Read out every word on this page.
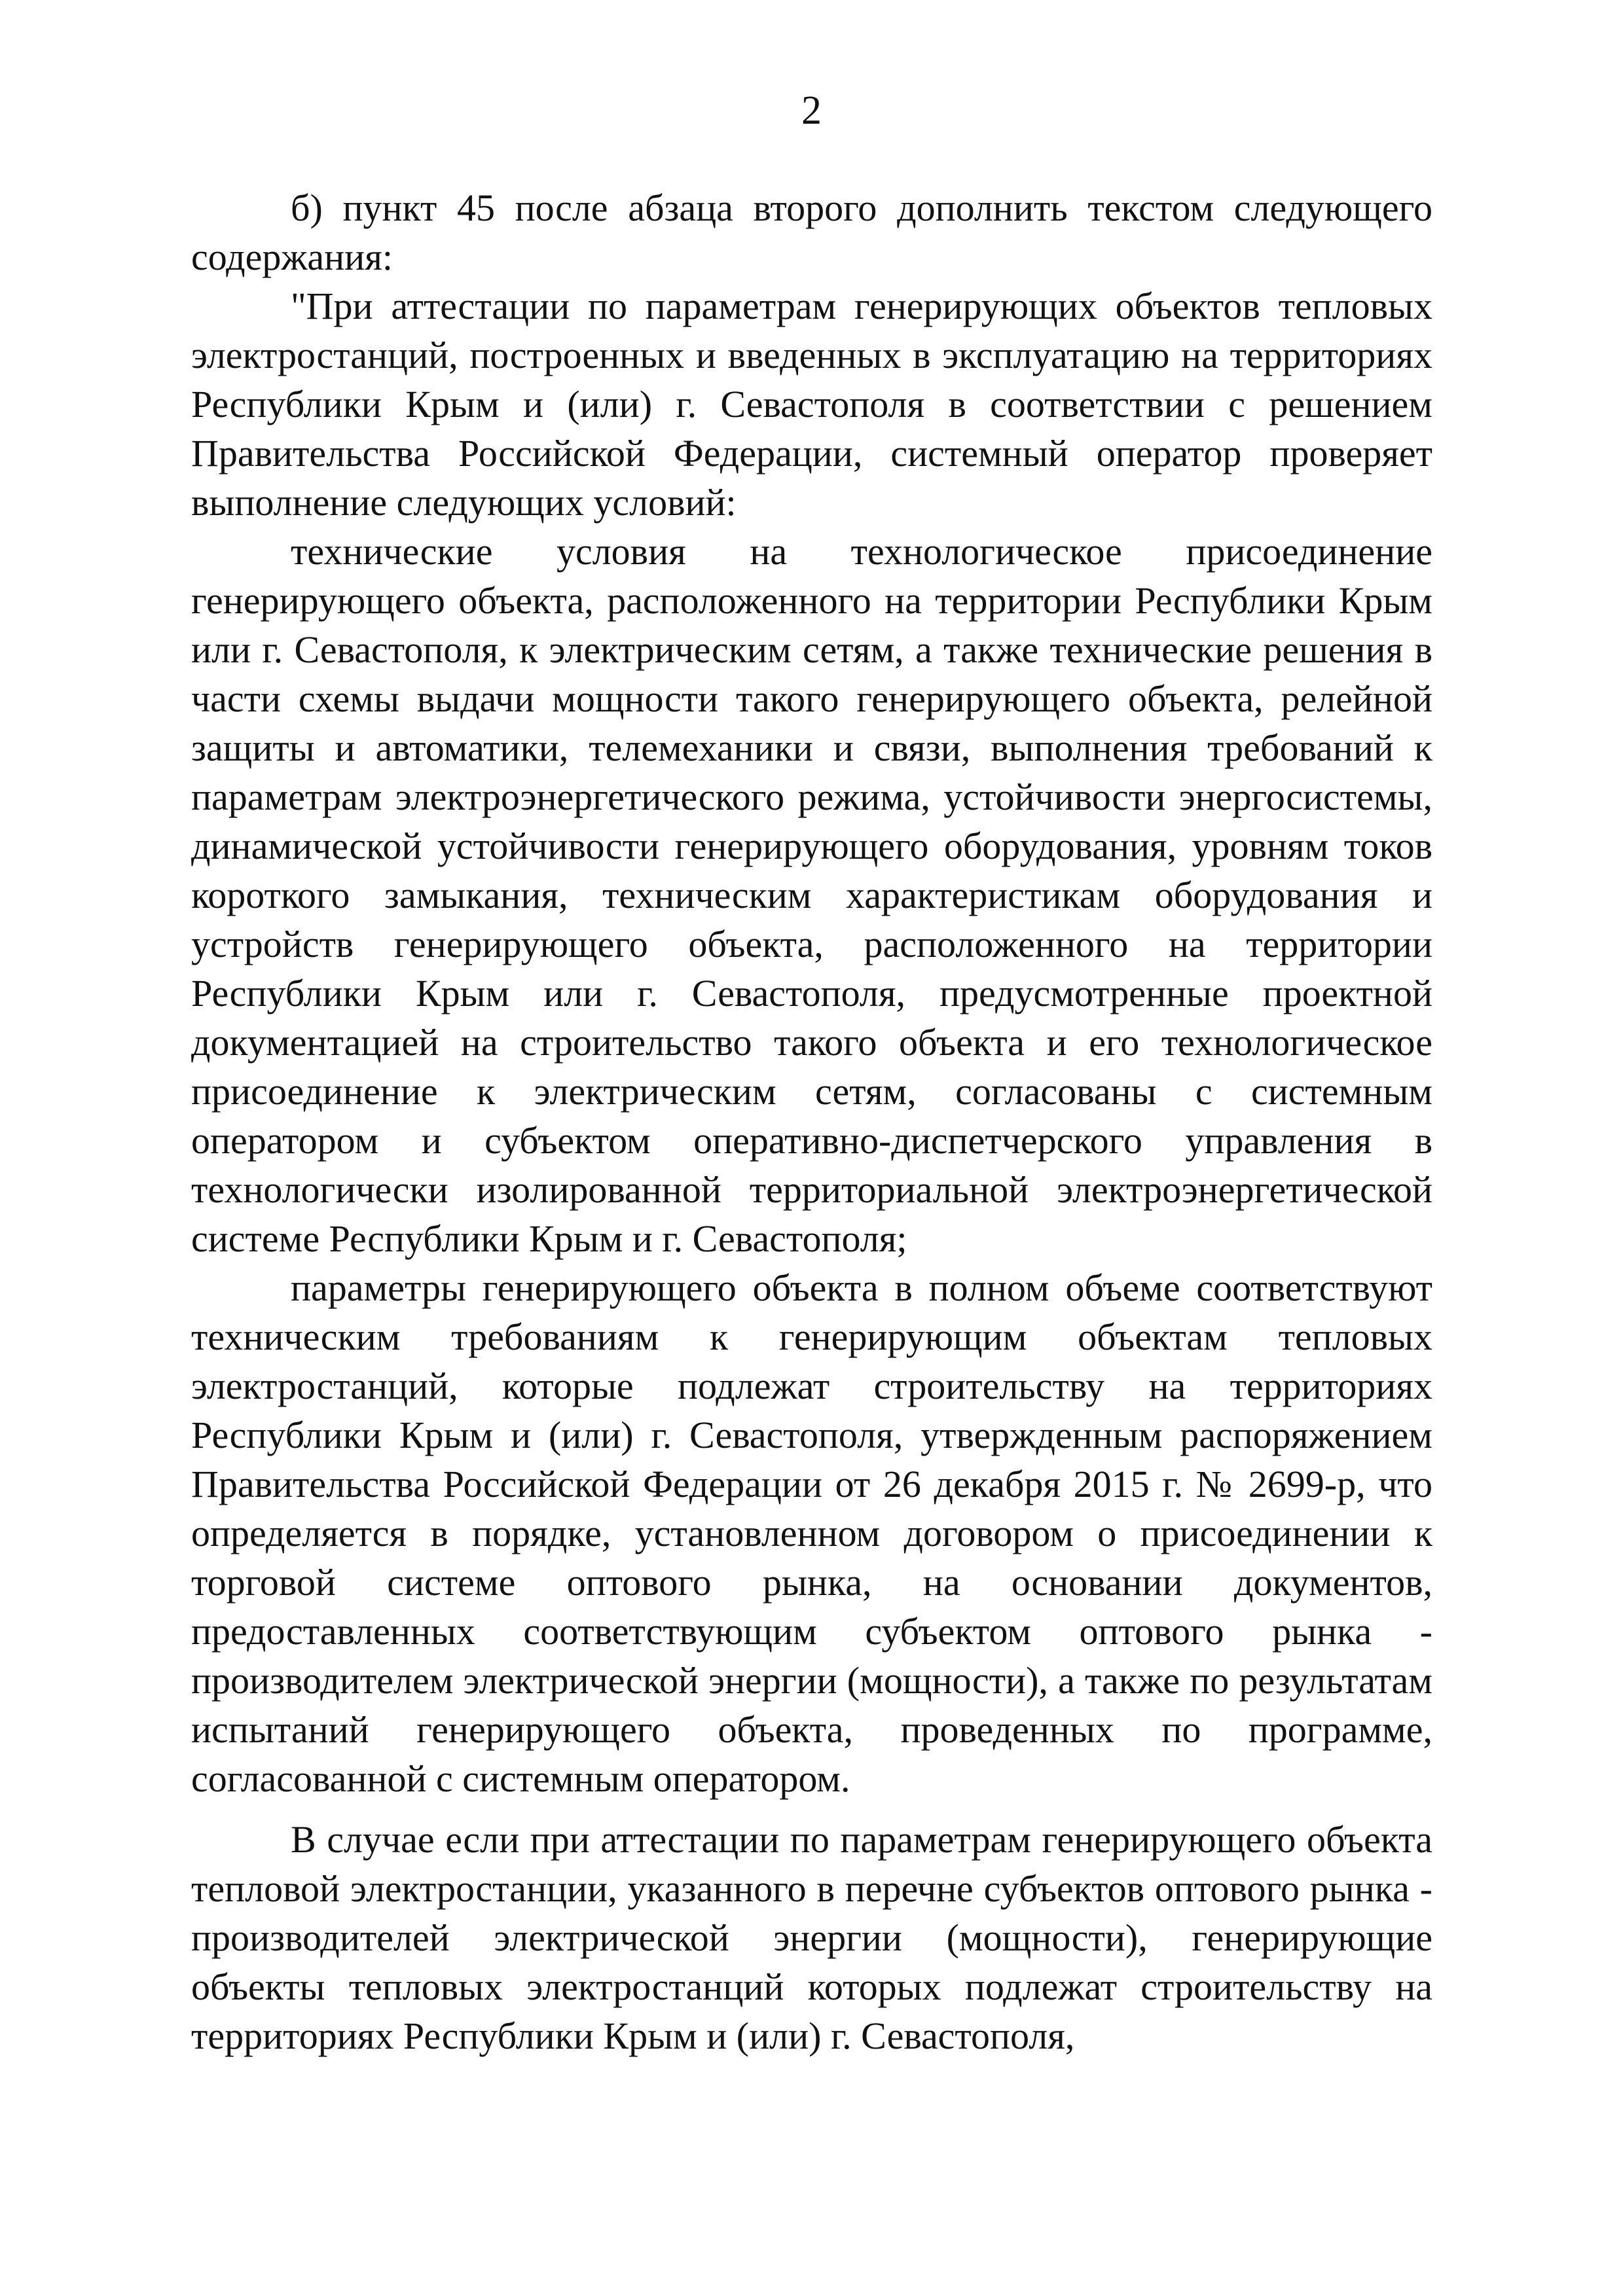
2

б) пункт 45 после абзаца второго дополнить текстом следующего содержания:

"При аттестации по параметрам генерирующих объектов тепловых электростанций, построенных и введенных в эксплуатацию на территориях Республики Крым и (или) г. Севастополя в соответствии с решением Правительства Российской Федерации, системный оператор проверяет выполнение следующих условий:

технические условия на технологическое присоединение генерирующего объекта, расположенного на территории Республики Крым или г. Севастополя, к электрическим сетям, а также технические решения в части схемы выдачи мощности такого генерирующего объекта, релейной защиты и автоматики, телемеханики и связи, выполнения требований к параметрам электроэнергетического режима, устойчивости энергосистемы, динамической устойчивости генерирующего оборудования, уровням токов короткого замыкания, техническим характеристикам оборудования и устройств генерирующего объекта, расположенного на территории Республики Крым или г. Севастополя, предусмотренные проектной документацией на строительство такого объекта и его технологическое присоединение к электрическим сетям, согласованы с системным оператором и субъектом оперативно-диспетчерского управления в технологически изолированной территориальной электроэнергетической системе Республики Крым и г. Севастополя;

параметры генерирующего объекта в полном объеме соответствуют техническим требованиям к генерирующим объектам тепловых электростанций, которые подлежат строительству на территориях Республики Крым и (или) г. Севастополя, утвержденным распоряжением Правительства Российской Федерации от 26 декабря 2015 г. № 2699-р, что определяется в порядке, установленном договором о присоединении к торговой системе оптового рынка, на основании документов, предоставленных соответствующим субъектом оптового рынка - производителем электрической энергии (мощности), а также по результатам испытаний генерирующего объекта, проведенных по программе, согласованной с системным оператором.

В случае если при аттестации по параметрам генерирующего объекта тепловой электростанции, указанного в перечне субъектов оптового рынка - производителей электрической энергии (мощности), генерирующие объекты тепловых электростанций которых подлежат строительству на территориях Республики Крым и (или) г. Севастополя,
